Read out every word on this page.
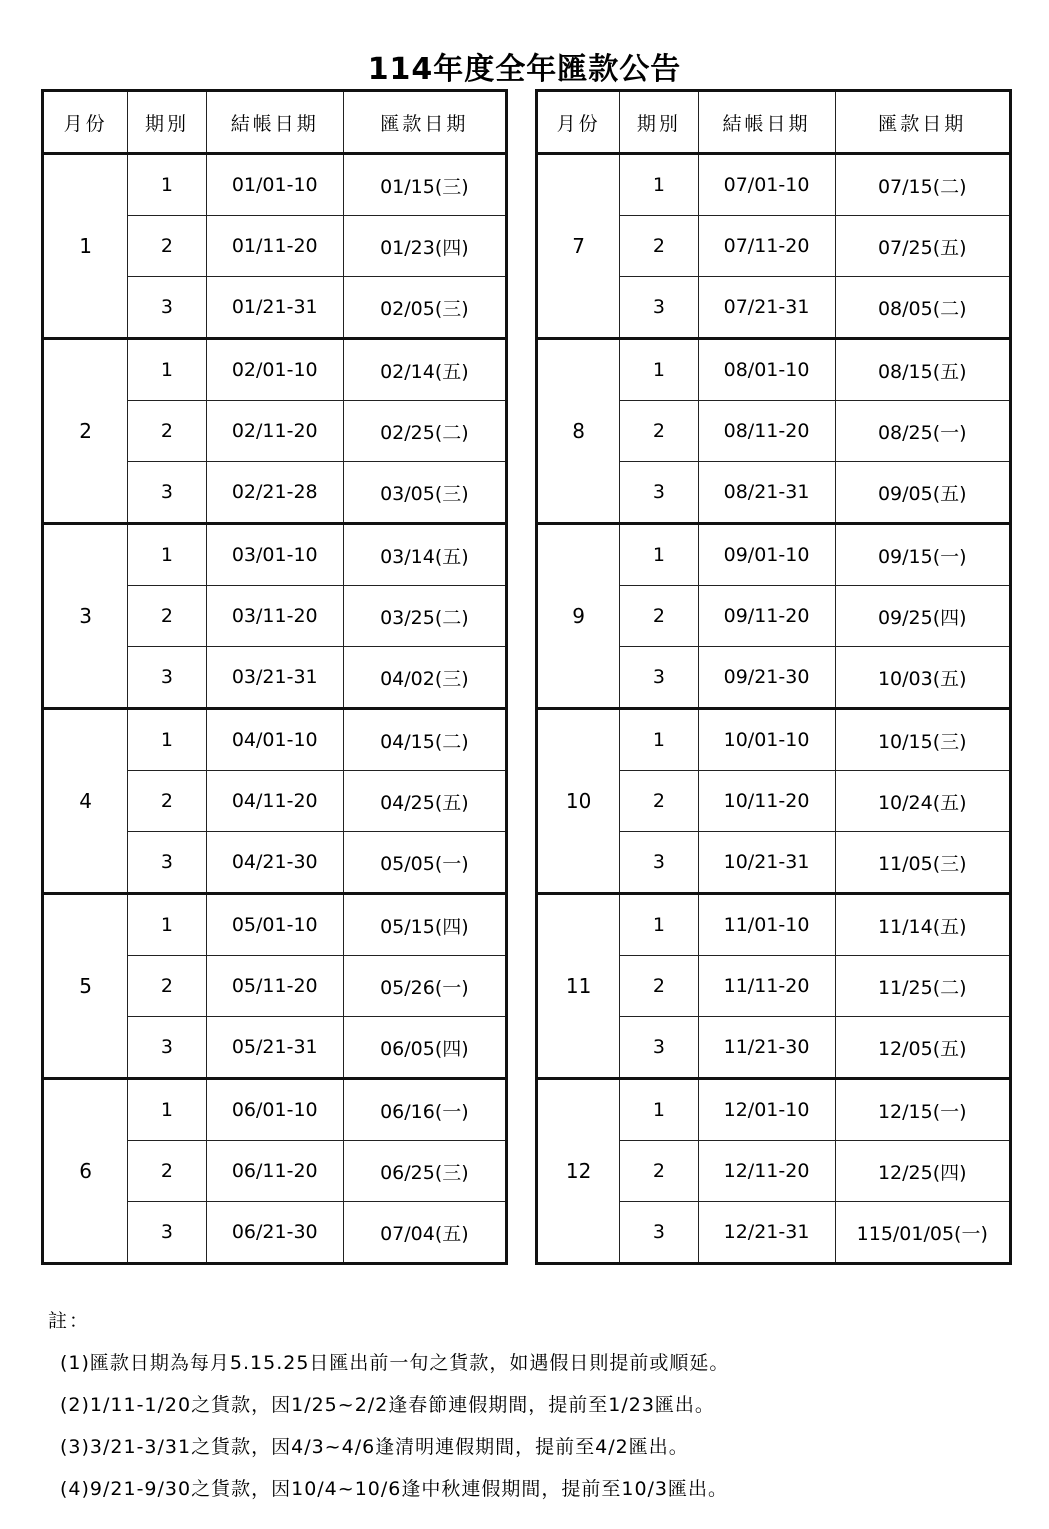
114年度全年匯款公告
月份	期別	結帳日期	匯款日期
1	1	01/01-10	01/15(三)
	2	01/11-20	01/23(四)
	3	01/21-31	02/05(三)
2	1	02/01-10	02/14(五)
	2	02/11-20	02/25(二)
	3	02/21-28	03/05(三)
3	1	03/01-10	03/14(五)
	2	03/11-20	03/25(二)
	3	03/21-31	04/02(三)
4	1	04/01-10	04/15(二)
	2	04/11-20	04/25(五)
	3	04/21-30	05/05(一)
5	1	05/01-10	05/15(四)
	2	05/11-20	05/26(一)
	3	05/21-31	06/05(四)
6	1	06/01-10	06/16(一)
	2	06/11-20	06/25(三)
	3	06/21-30	07/04(五)
月份	期別	結帳日期	匯款日期
7	1	07/01-10	07/15(二)
	2	07/11-20	07/25(五)
	3	07/21-31	08/05(二)
8	1	08/01-10	08/15(五)
	2	08/11-20	08/25(一)
	3	08/21-31	09/05(五)
9	1	09/01-10	09/15(一)
	2	09/11-20	09/25(四)
	3	09/21-30	10/03(五)
10	1	10/01-10	10/15(三)
	2	10/11-20	10/24(五)
	3	10/21-31	11/05(三)
11	1	11/01-10	11/14(五)
	2	11/11-20	11/25(二)
	3	11/21-30	12/05(五)
12	1	12/01-10	12/15(一)
	2	12/11-20	12/25(四)
	3	12/21-31	115/01/05(一)
註：
(1)匯款日期為每月5.15.25日匯出前一旬之貨款，如遇假日則提前或順延。
(2)1/11-1/20之貨款，因1/25~2/2逢春節連假期間，提前至1/23匯出。
(3)3/21-3/31之貨款，因4/3~4/6逢清明連假期間，提前至4/2匯出。
(4)9/21-9/30之貨款，因10/4~10/6逢中秋連假期間，提前至10/3匯出。
